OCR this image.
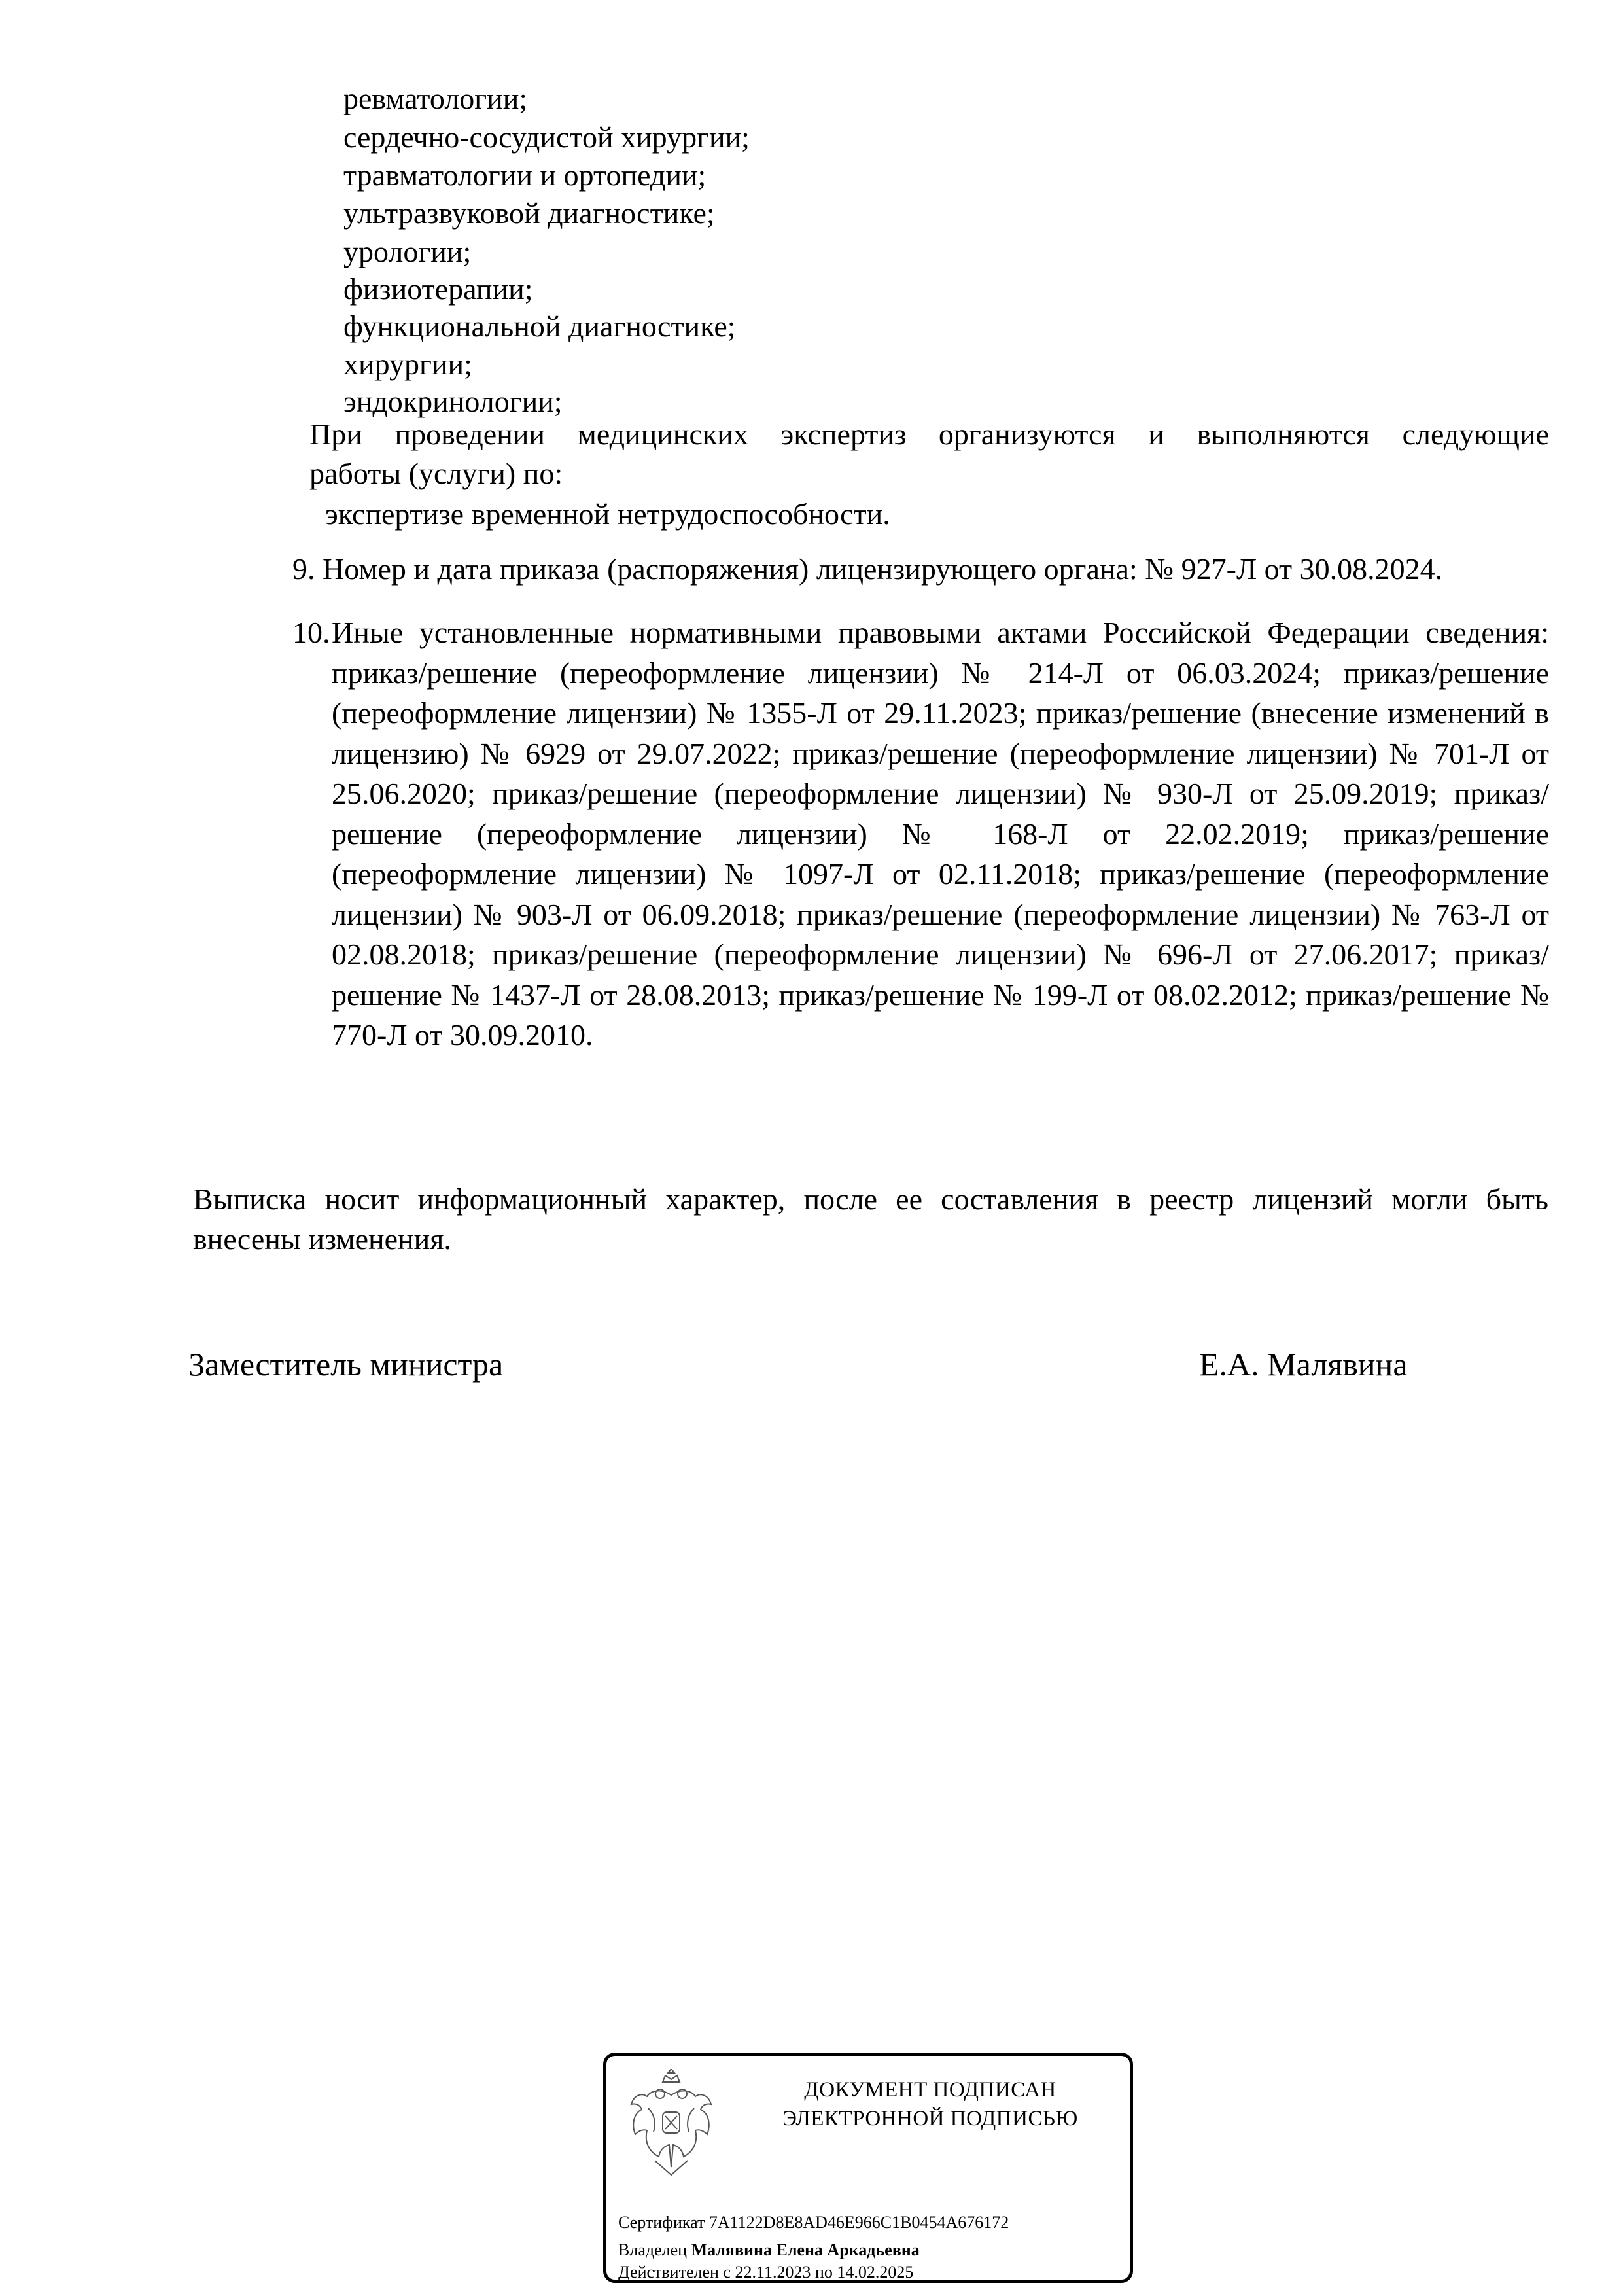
ревматологии;
сердечно-сосудистой хирургии;
травматологии и ортопедии;
ультразвуковой диагностике;
урологии;
физиотерапии;
функциональной диагностике;
хирургии;
эндокринологии;
При проведении медицинских экспертиз организуются и выполняются следующие
работы (услуги) по:
экспертизе временной нетрудоспособности.
9. Номер и дата приказа (распоряжения) лицензирующего органа: № 927-Л от 30.08.2024.
10. Иные установленные нормативными правовыми актами Российской Федерации сведения: приказ/решение (переоформление лицензии) № 214-Л от 06.03.2024; приказ/решение (переоформление лицензии) № 1355-Л от 29.11.2023; приказ/решение (внесение изменений в лицензию) № 6929 от 29.07.2022; приказ/решение (переоформление лицензии) № 701-Л от 25.06.2020; приказ/решение (переоформление лицензии) № 930-Л от 25.09.2019; приказ/решение (переоформление лицензии) № 168-Л от 22.02.2019; приказ/решение (переоформление лицензии) № 1097-Л от 02.11.2018; приказ/решение (переоформление лицензии) № 903-Л от 06.09.2018; приказ/решение (переоформление лицензии) № 763-Л от 02.08.2018; приказ/решение (переоформление лицензии) № 696-Л от 27.06.2017; приказ/решение № 1437-Л от 28.08.2013; приказ/решение № 199-Л от 08.02.2012; приказ/решение № 770-Л от 30.09.2010.
Выписка носит информационный характер, после ее составления в реестр лицензий могли быть
внесены изменения.
Заместитель министра	Е.А. Малявина
ДОКУМЕНТ ПОДПИСАН
ЭЛЕКТРОННОЙ ПОДПИСЬЮ
Сертификат 7A1122D8E8AD46E966C1B0454A676172
Владелец Малявина Елена Аркадьевна
Действителен с 22.11.2023 по 14.02.2025
